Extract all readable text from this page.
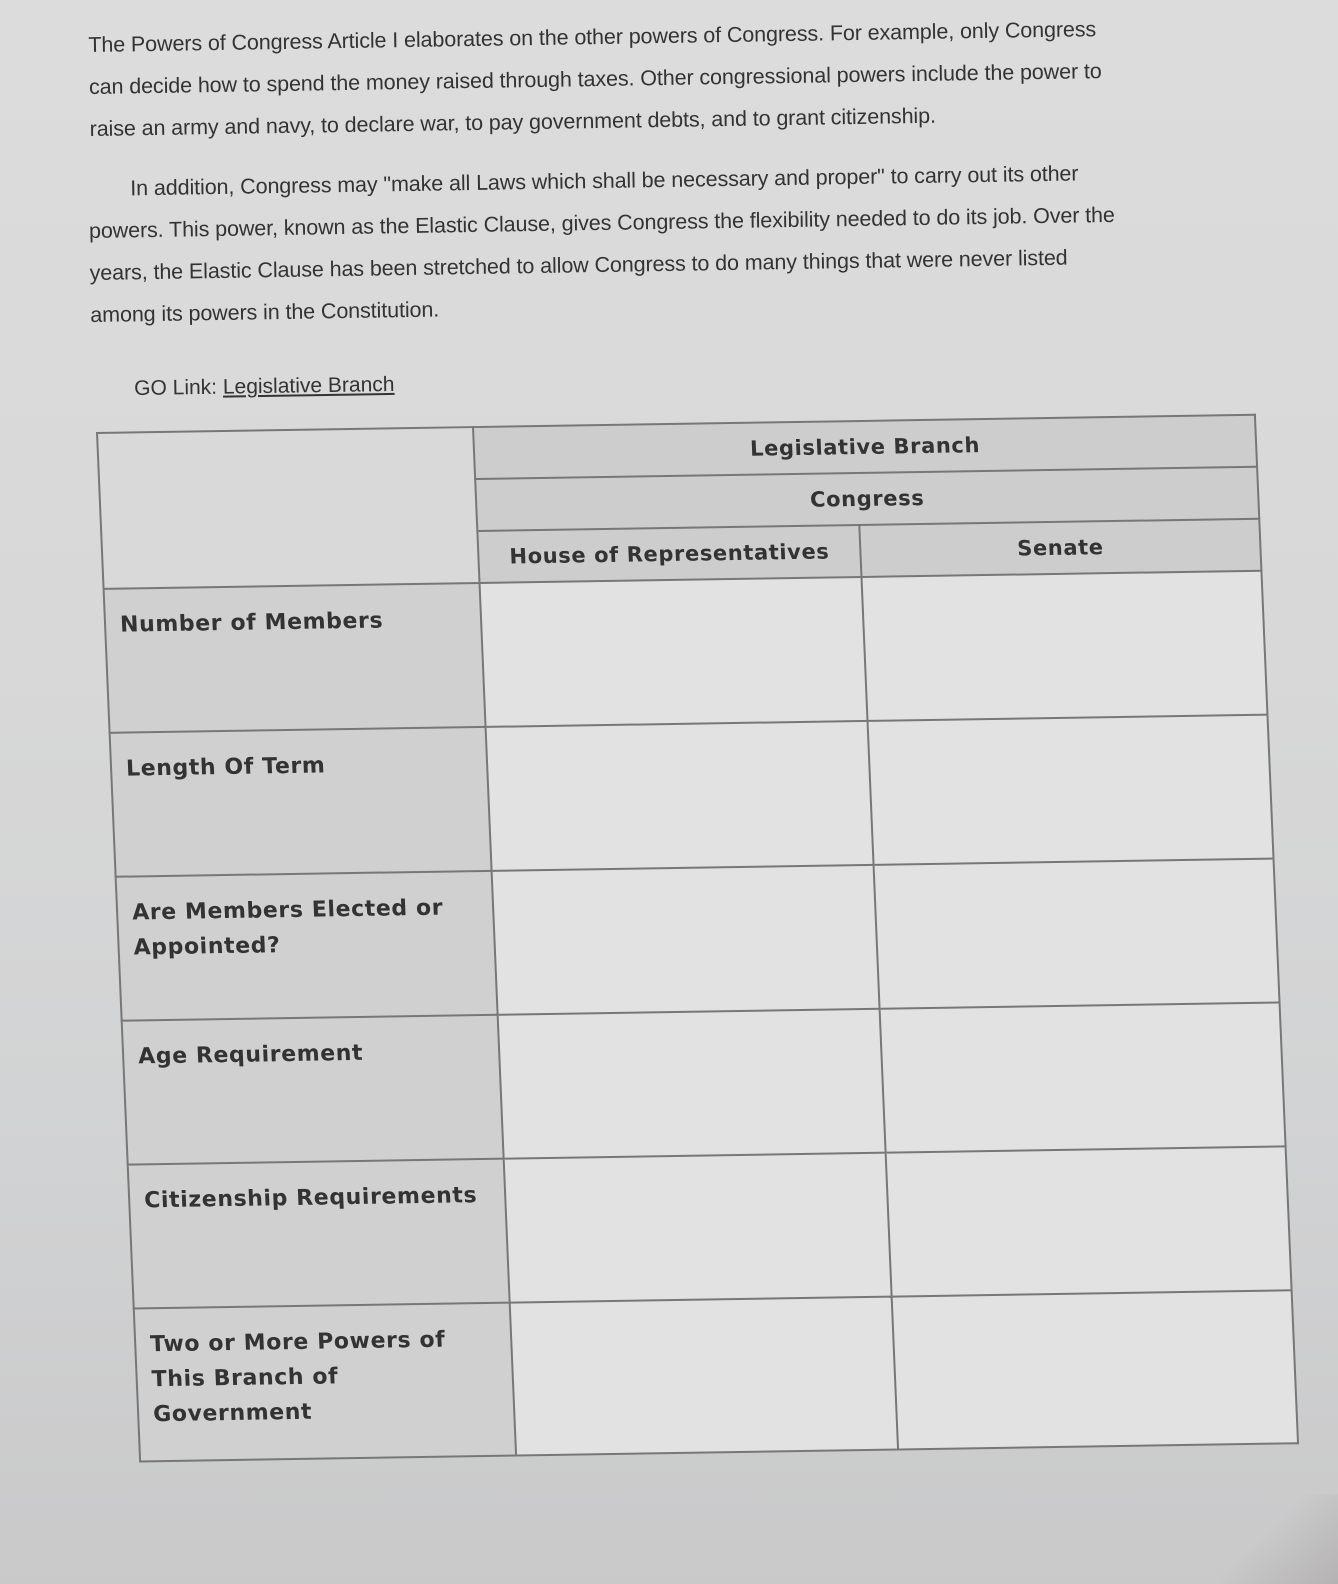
The Powers of Congress Article I elaborates on the other powers of Congress. For example, only Congress
can decide how to spend the money raised through taxes. Other congressional powers include the power to
raise an army and navy, to declare war, to pay government debts, and to grant citizenship.
In addition, Congress may "make all Laws which shall be necessary and proper" to carry out its other
powers. This power, known as the Elastic Clause, gives Congress the flexibility needed to do its job. Over the
years, the Elastic Clause has been stretched to allow Congress to do many things that were never listed
among its powers in the Constitution.
GO Link: Legislative Branch
	Legislative Branch	
	Congress	
	House of Representatives	Senate
Number of Members		
Length Of Term		
Are Members Elected or Appointed?		
Age Requirement		
Citizenship Requirements		
Two or More Powers of This Branch of Government		
